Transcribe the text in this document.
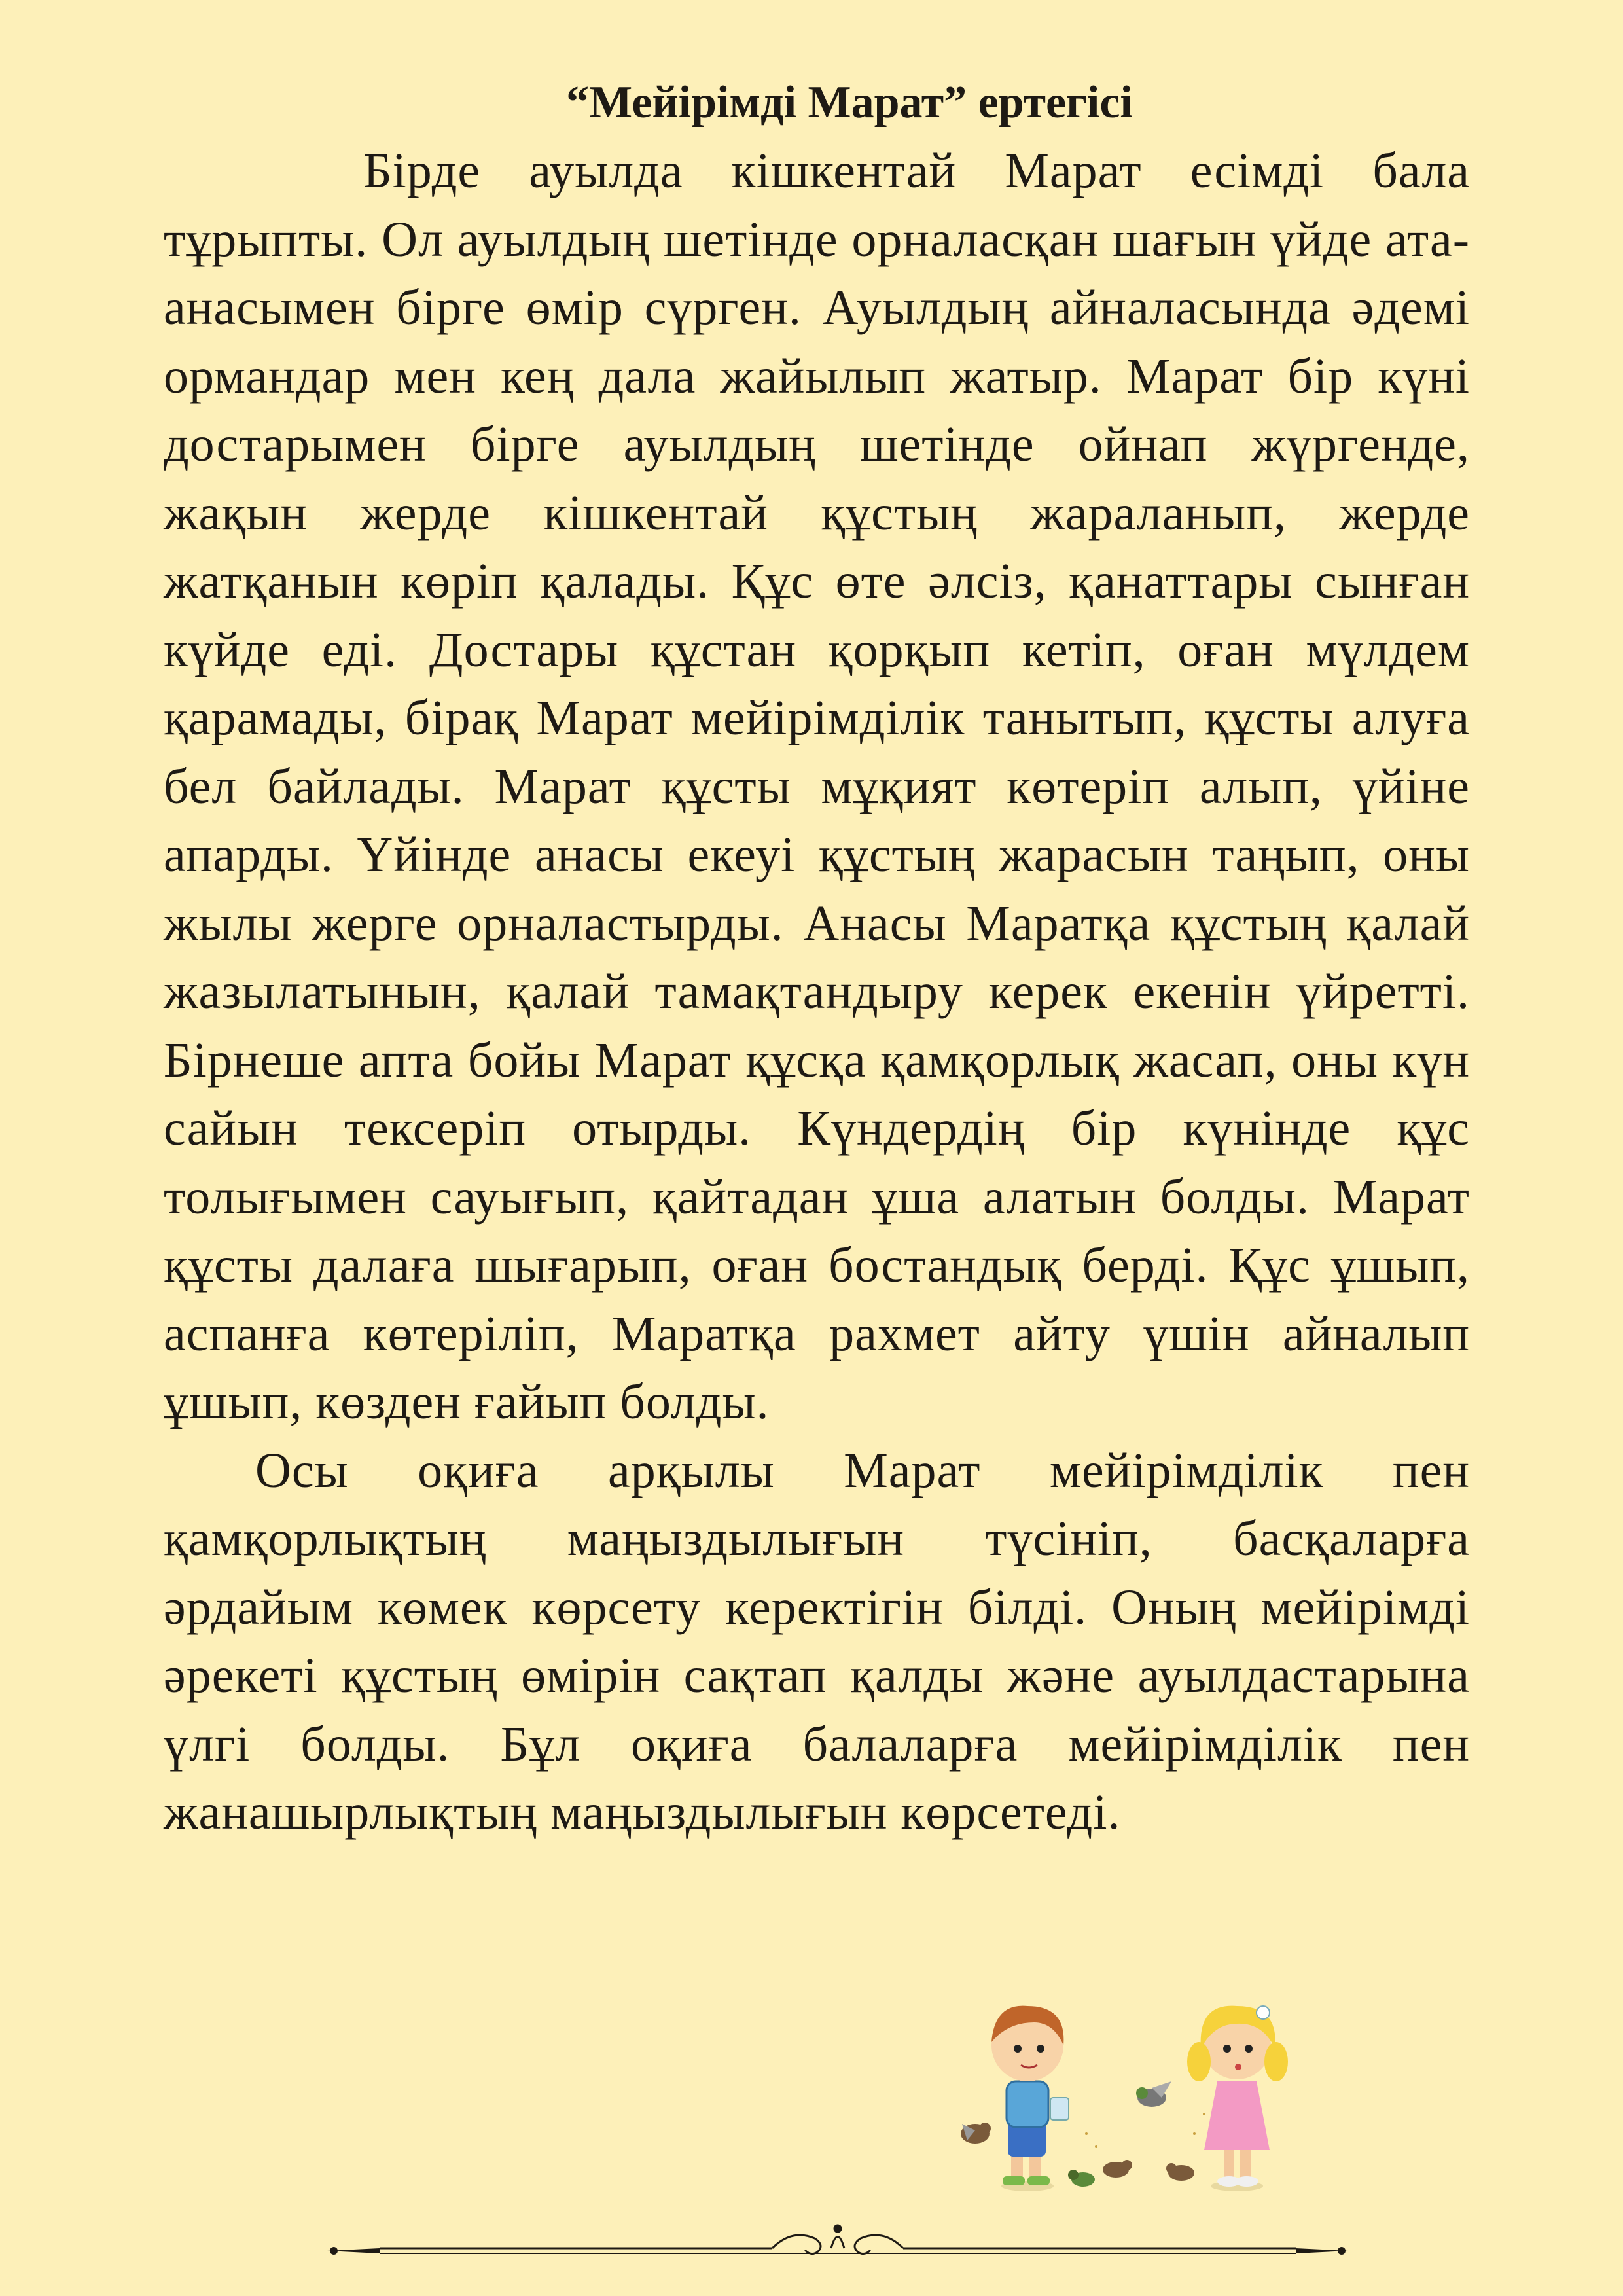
“Мейірімді Марат” ертегісі

Бірде ауылда кішкентай Марат есімді бала тұрыпты. Ол ауылдың шетінде орналасқан шағын үйде ата-анасымен бірге өмір сүрген. Ауылдың айналасында әдемі ормандар мен кең дала жайылып жатыр. Марат бір күні достарымен бірге ауылдың шетінде ойнап жүргенде, жақын жерде кішкентай құстың жараланып, жерде жатқанын көріп қалады. Құс өте әлсіз, қанаттары сынған күйде еді. Достары құстан қорқып кетіп, оған мүлдем қарамады, бірақ Марат мейірімділік танытып, құсты алуға бел байлады. Марат құсты мұқият көтеріп алып, үйіне апарды. Үйінде анасы екеуі құстың жарасын таңып, оны жылы жерге орналастырды. Анасы Маратқа құстың қалай жазылатынын, қалай тамақтандыру керек екенін үйретті. Бірнеше апта бойы Марат құсқа қамқорлық жасап, оны күн сайын тексеріп отырды. Күндердің бір күнінде құс толығымен сауығып, қайтадан ұша алатын болды. Марат құсты далаға шығарып, оған бостандық берді. Құс ұшып, аспанға көтеріліп, Маратқа рахмет айту үшін айналып ұшып, көзден ғайып болды.

Осы оқиға арқылы Марат мейірімділік пен қамқорлықтың маңыздылығын түсініп, басқаларға әрдайым көмек көрсету керектігін білді. Оның мейірімді әрекеті құстың өмірін сақтап қалды және ауылдастарына үлгі болды. Бұл оқиға балаларға мейірімділік пен жанашырлықтың маңыздылығын көрсетеді.
